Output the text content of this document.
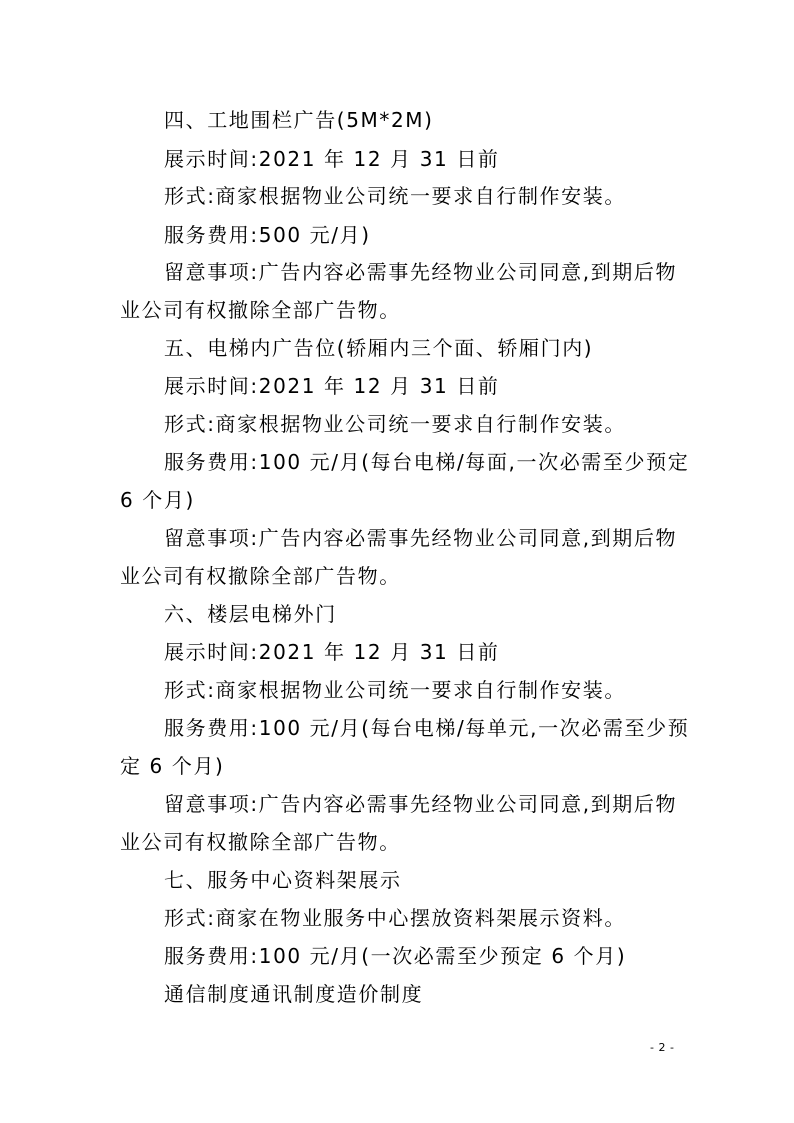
四、工地围栏广告(5M*2M)
展示时间:2021 年 12 月 31 日前
形式:商家根据物业公司统一要求自行制作安装。
服务费用:500 元/月)
留意事项:广告内容必需事先经物业公司同意,到期后物
业公司有权撤除全部广告物。
五、电梯内广告位(轿厢内三个面、轿厢门内)
展示时间:2021 年 12 月 31 日前
形式:商家根据物业公司统一要求自行制作安装。
服务费用:100 元/月(每台电梯/每面,一次必需至少预定
6 个月)
留意事项:广告内容必需事先经物业公司同意,到期后物
业公司有权撤除全部广告物。
六、楼层电梯外门
展示时间:2021 年 12 月 31 日前
形式:商家根据物业公司统一要求自行制作安装。
服务费用:100 元/月(每台电梯/每单元,一次必需至少预
定 6 个月)
留意事项:广告内容必需事先经物业公司同意,到期后物
业公司有权撤除全部广告物。
七、服务中心资料架展示
形式:商家在物业服务中心摆放资料架展示资料。
服务费用:100 元/月(一次必需至少预定 6 个月)
通信制度通讯制度造价制度
- 2 -
